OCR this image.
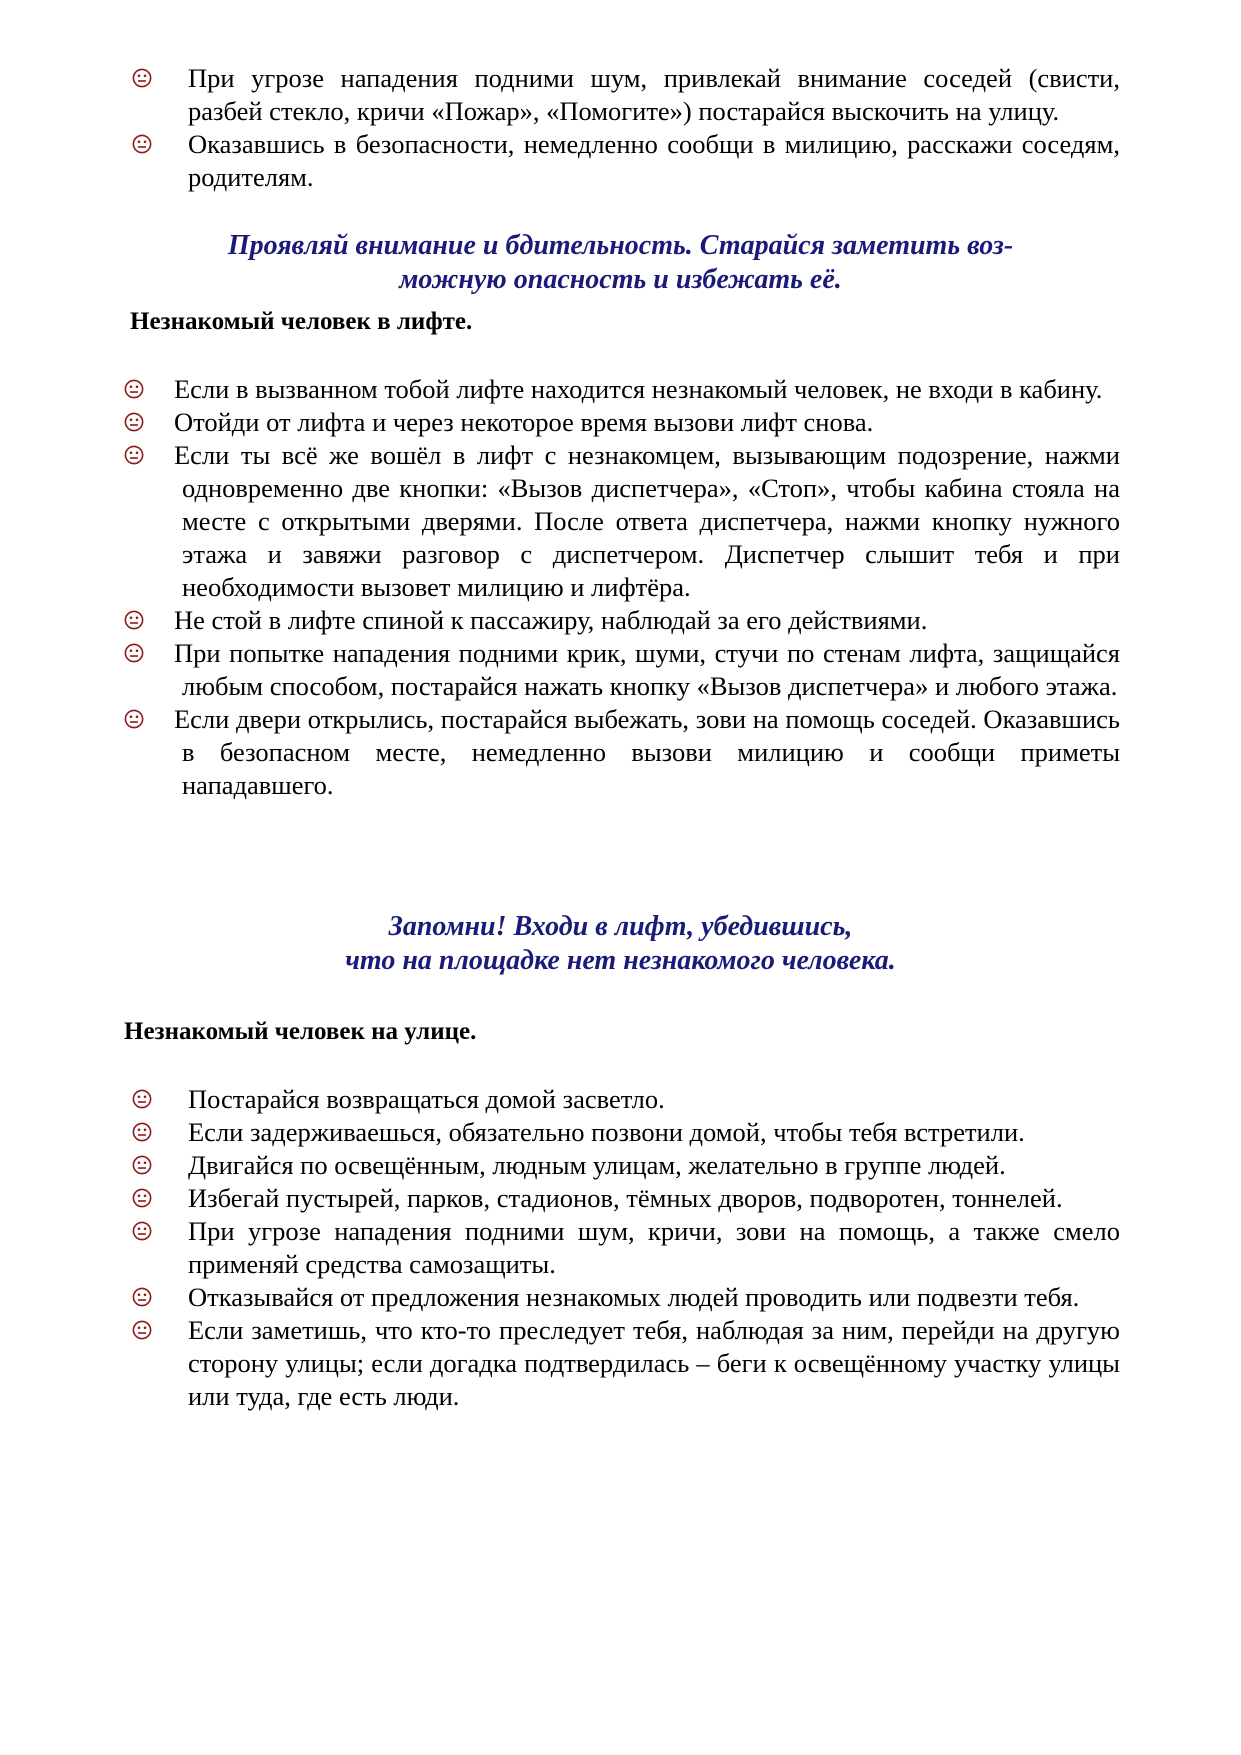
При угрозе нападения подними шум, привлекай внимание соседей (свисти, разбей стекло, кричи «Пожар», «Помогите») постарайся выскочить на улицу.
Оказавшись в безопасности, немедленно сообщи в милицию, расскажи соседям, родителям.
Проявляй внимание и бдительность. Старайся заметить воз-
можную опасность и избежать её.
Незнакомый человек в лифте.
Если в вызванном тобой лифте находится незнакомый человек, не входи в кабину.
Отойди от лифта и через некоторое время вызови лифт снова.
Если ты всё же вошёл в лифт с незнакомцем, вызывающим подозрение, нажми одновременно две кнопки: «Вызов диспетчера», «Стоп», чтобы кабина стояла на месте с открытыми дверями. После ответа диспетчера, нажми кнопку нужного этажа и завяжи разговор с диспетчером. Диспетчер слышит тебя и при необходимости вызовет милицию и лифтёра.
Не стой в лифте спиной к пассажиру, наблюдай за его действиями.
При попытке нападения подними крик, шуми, стучи по стенам лифта, защищайся любым способом, постарайся нажать кнопку «Вызов диспетчера» и любого этажа.
Если двери открылись, постарайся выбежать, зови на помощь соседей. Оказавшись в безопасном месте, немедленно вызови милицию и сообщи приметы нападавшего.
Запомни! Входи в лифт, убедившись,
что на площадке нет незнакомого человека.
Незнакомый человек на улице.
Постарайся возвращаться домой засветло.
Если задерживаешься, обязательно позвони домой, чтобы тебя встретили.
Двигайся по освещённым, людным улицам, желательно в группе людей.
Избегай пустырей, парков, стадионов, тёмных дворов, подворотен, тоннелей.
При угрозе нападения подними шум, кричи, зови на помощь, а также смело применяй средства самозащиты.
Отказывайся от предложения незнакомых людей проводить или подвезти тебя.
Если заметишь, что кто-то преследует тебя, наблюдая за ним, перейди на другую сторону улицы; если догадка подтвердилась – беги к освещённому участку улицы или туда, где есть люди.
